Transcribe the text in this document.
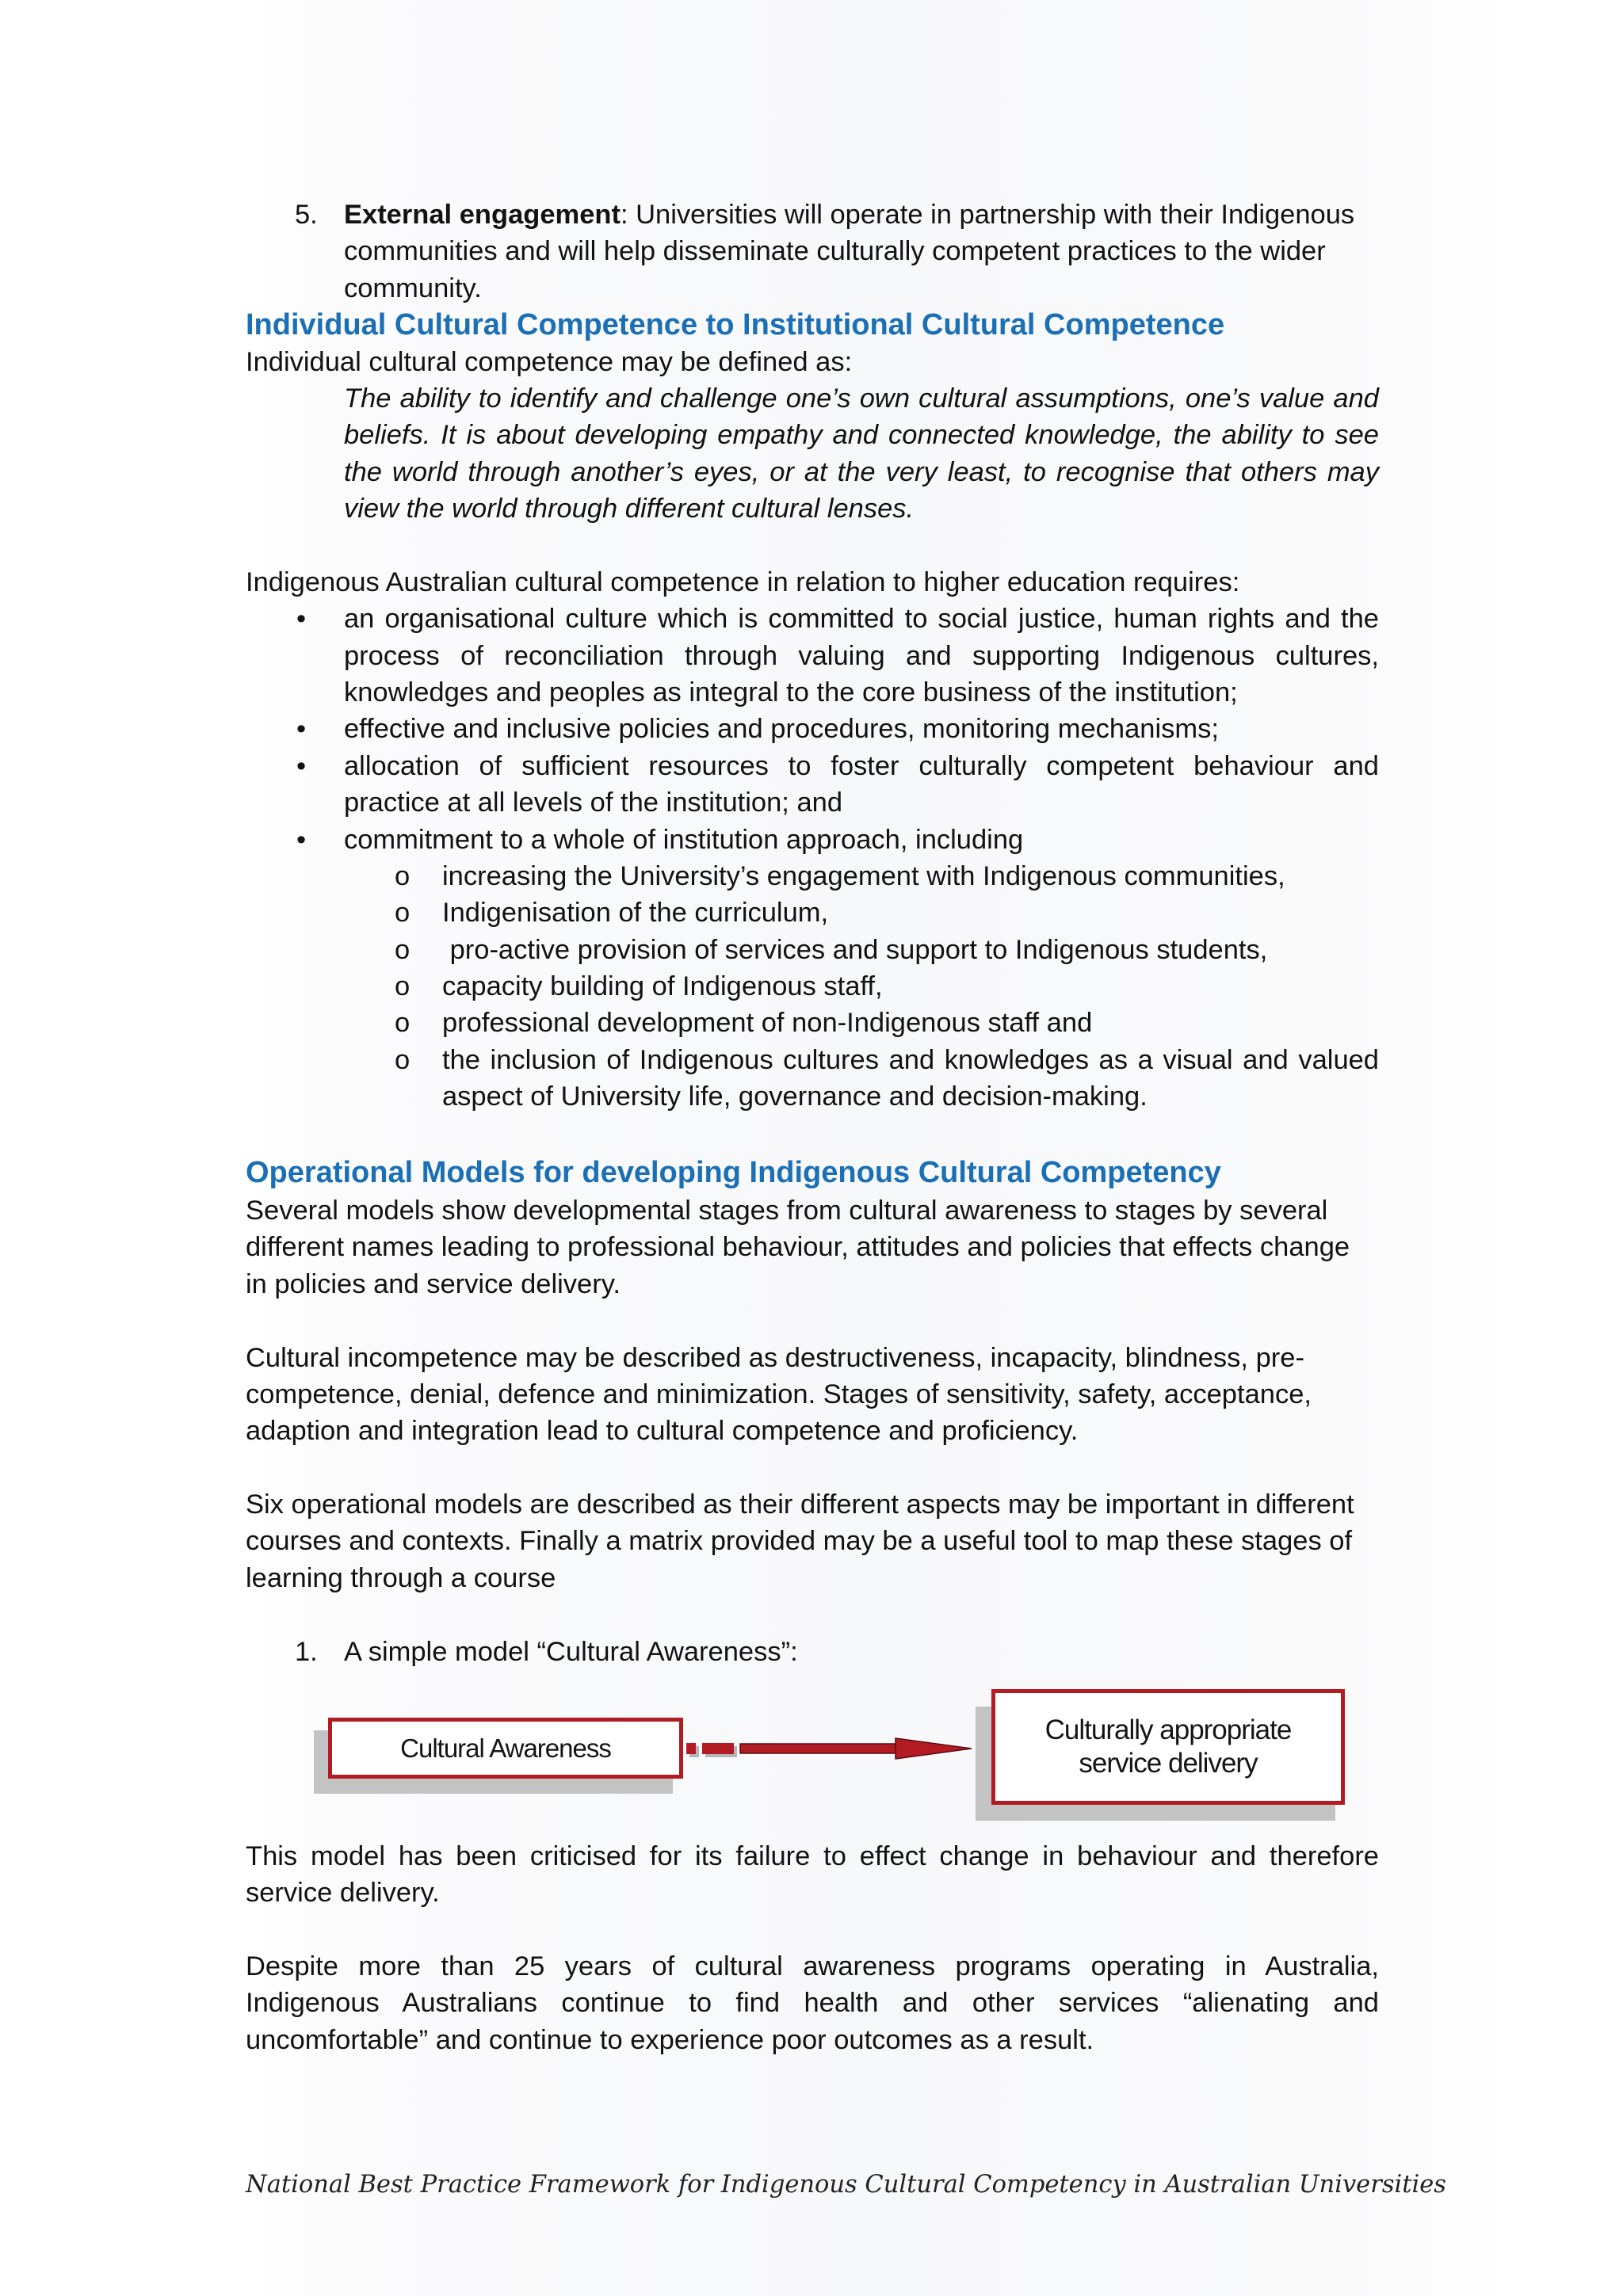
5. External engagement: Universities will operate in partnership with their Indigenous

communities and will help disseminate culturally competent practices to the wider

community.

Individual Cultural Competence to Institutional Cultural Competence

Individual cultural competence may be defined as:

The ability to identify and challenge one’s own cultural assumptions, one’s value and

beliefs. It is about developing empathy and connected knowledge, the ability to see

the world through another’s eyes, or at the very least, to recognise that others may

view the world through different cultural lenses.

Indigenous Australian cultural competence in relation to higher education requires:

• an organisational culture which is committed to social justice, human rights and the

process of reconciliation through valuing and supporting Indigenous cultures,

knowledges and peoples as integral to the core business of the institution;

• effective and inclusive policies and procedures, monitoring mechanisms;

• allocation of sufficient resources to foster culturally competent behaviour and

practice at all levels of the institution; and

• commitment to a whole of institution approach, including

o increasing the University’s engagement with Indigenous communities,

o Indigenisation of the curriculum,

o pro-active provision of services and support to Indigenous students,

o capacity building of Indigenous staff,

o professional development of non-Indigenous staff and

o the inclusion of Indigenous cultures and knowledges as a visual and valued

aspect of University life, governance and decision-making.

Operational Models for developing Indigenous Cultural Competency

Several models show developmental stages from cultural awareness to stages by several

different names leading to professional behaviour, attitudes and policies that effects change

in policies and service delivery.

Cultural incompetence may be described as destructiveness, incapacity, blindness, pre-

competence, denial, defence and minimization. Stages of sensitivity, safety, acceptance,

adaption and integration lead to cultural competence and proficiency.

Six operational models are described as their different aspects may be important in different

courses and contexts. Finally a matrix provided may be a useful tool to map these stages of

learning through a course

1. A simple model “Cultural Awareness”:

Cultural Awareness
Culturally appropriate
service delivery

This model has been criticised for its failure to effect change in behaviour and therefore

service delivery.

Despite more than 25 years of cultural awareness programs operating in Australia,

Indigenous Australians continue to find health and other services “alienating and

uncomfortable” and continue to experience poor outcomes as a result.

National Best Practice Framework for Indigenous Cultural Competency in Australian Universities
